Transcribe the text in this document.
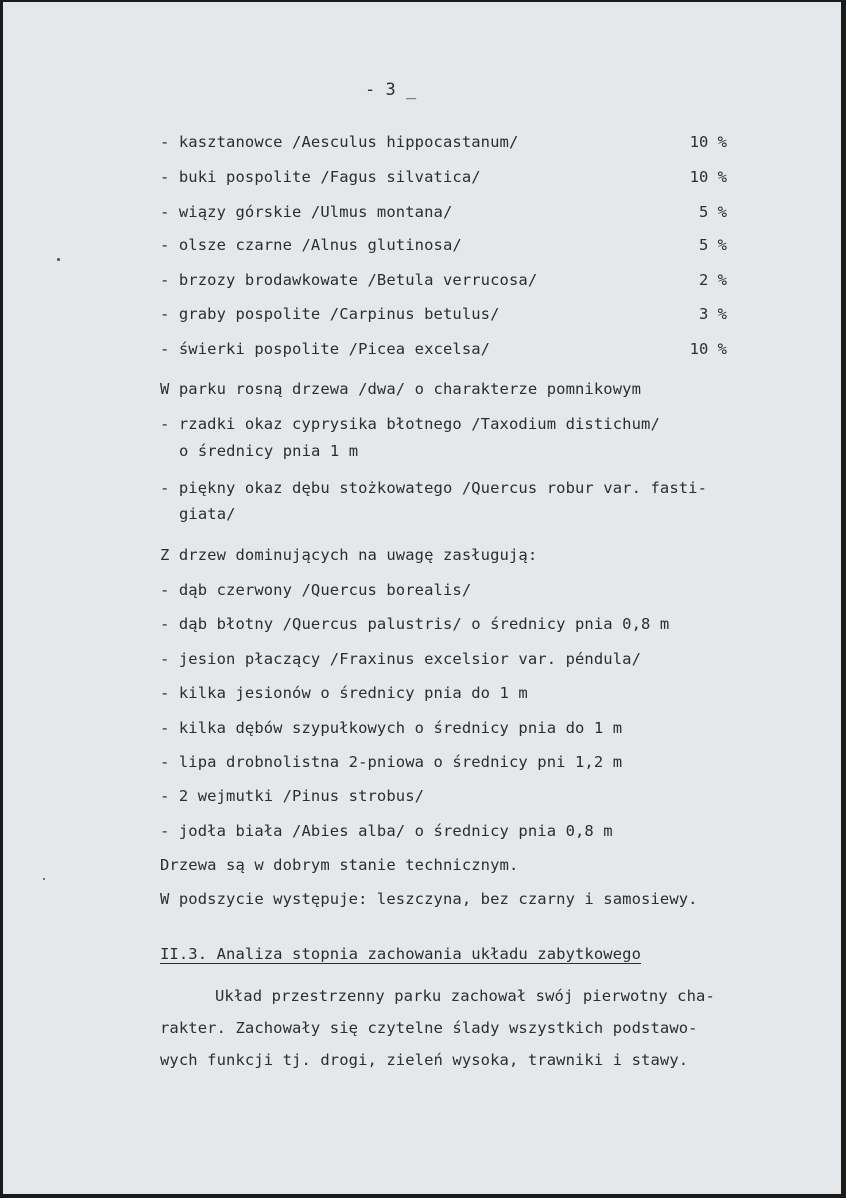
- 3 _
- kasztanowce /Aesculus hippocastanum/	10 %
- buki pospolite /Fagus silvatica/	10 %
- wiązy górskie /Ulmus montana/	5 %
- olsze czarne /Alnus glutinosa/	5 %
- brzozy brodawkowate /Betula verrucosa/	2 %
- graby pospolite /Carpinus betulus/	3 %
- świerki pospolite /Picea excelsa/	10 %
W parku rosną drzewa /dwa/ o charakterze pomnikowym
- rzadki okaz cyprysika błotnego /Taxodium distichum/
o średnicy pnia 1 m
- piękny okaz dębu stożkowatego /Quercus robur var. fasti-
giata/
Z drzew dominujących na uwagę zasługują:
- dąb czerwony /Quercus borealis/
- dąb błotny /Quercus palustris/ o średnicy pnia 0,8 m
- jesion płaczący /Fraxinus excelsior var. péndula/
- kilka jesionów o średnicy pnia do 1 m
- kilka dębów szypułkowych o średnicy pnia do 1 m
- lipa drobnolistna 2-pniowa o średnicy pni 1,2 m
- 2 wejmutki /Pinus strobus/
- jodła biała /Abies alba/ o średnicy pnia 0,8 m
Drzewa są w dobrym stanie technicznym.
W podszycie występuje: leszczyna, bez czarny i samosiewy.
II.3. Analiza stopnia zachowania układu zabytkowego
Układ przestrzenny parku zachował swój pierwotny cha-
rakter. Zachowały się czytelne ślady wszystkich podstawo-
wych funkcji tj. drogi, zieleń wysoka, trawniki i stawy.
